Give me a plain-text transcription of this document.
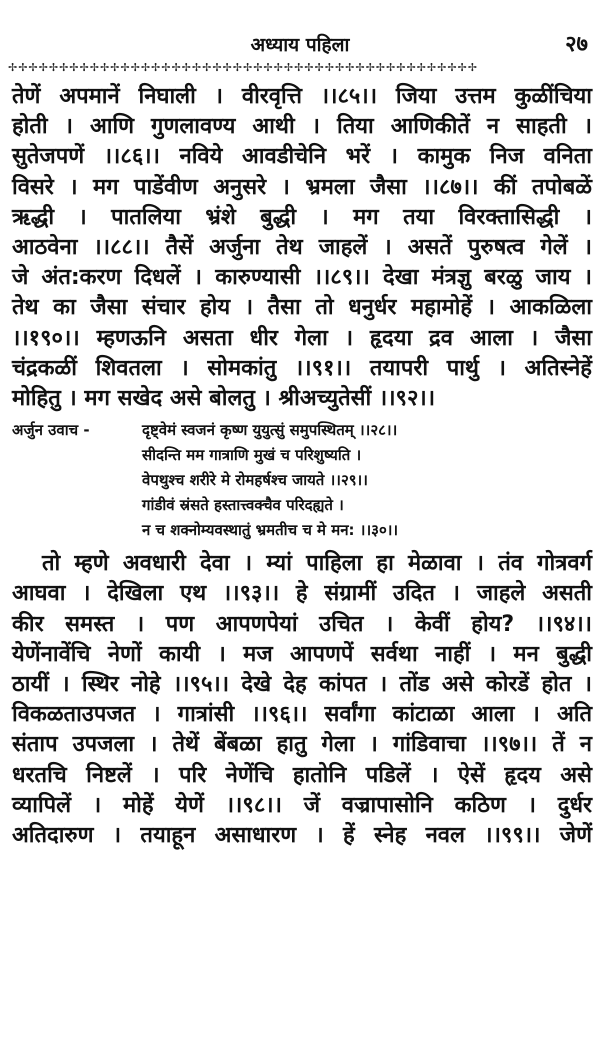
अध्याय पहिला	२७
✢✢✢✢✢✢✢✢✢✢✢✢✢✢✢✢✢✢✢✢✢✢✢✢✢✢✢✢✢✢✢✢✢✢✢✢✢✢✢✢✢✢✢✢✢✢
तेणें अपमानें निघाली । वीरवृत्ति ।।८५।। जिया उत्तम कुळींचिया
होती । आणि गुणलावण्य आथी । तिया आणिकीतें न साहती ।
सुतेजपणें ।।८६।। नविये आवडीचेनि भरें । कामुक निज वनिता
विसरे । मग पाडेंवीण अनुसरे । भ्रमला जैसा ।।८७।। कीं तपोबळें
ऋद्धी । पातलिया भ्रंशे बुद्धी । मग तया विरक्तासिद्धी ।
आठवेना ।।८८।। तैसें अर्जुना तेथ जाहलें । असतें पुरुषत्व गेलें ।
जे अंत:करण दिधलें । कारुण्यासी ।।८९।। देखा मंत्रज्ञु बरळु जाय ।
तेथ का जैसा संचार होय । तैसा तो धनुर्धर महामोहें । आकळिला
।।१९०।। म्हणऊनि असता धीर गेला । हृदया द्रव आला । जैसा
चंद्रकळीं शिवतला । सोमकांतु ।।९१।। तयापरी पार्थु । अतिस्नेहें
मोहितु । मग सखेद असे बोलतु । श्रीअच्युतेसीं ।।९२।।
अर्जुन उवाच -	दृष्ट्वेमं स्वजनं कृष्ण युयुत्सुं समुपस्थितम् ।।२८।।
सीदन्ति मम गात्राणि मुखं च परिशुष्यति ।
वेपथुश्च शरीरे मे रोमहर्षश्च जायते ।।२९।।
गांडीवं स्रंसते हस्तात्त्वक्चैव परिदह्यते ।
न च शक्नोम्यवस्थातुं भ्रमतीच च मे मन: ।।३०।।
तो म्हणे अवधारी देवा । म्यां पाहिला हा मेळावा । तंव गोत्रवर्ग
आघवा । देखिला एथ ।।९३।। हे संग्रामीं उदित । जाहले असती
कीर समस्त । पण आपणपेयां उचित । केवीं होय? ।।९४।।
येणेंनावेंचि नेणों कायी । मज आपणपें सर्वथा नाहीं । मन बुद्धी
ठायीं । स्थिर नोहे ।।९५।। देखे देह कांपत । तोंड असे कोरडें होत ।
विकळताउपजत । गात्रांसी ।।९६।। सर्वांगा कांटाळा आला । अति
संताप उपजला । तेथें बेंबळा हातु गेला । गांडिवाचा ।।९७।। तें न
धरतचि निष्टलें । परि नेणेंचि हातोनि पडिलें । ऐसें हृदय असे
व्यापिलें । मोहें येणें ।।९८।। जें वज्रापासोनि कठिण । दुर्धर
अतिदारुण । तयाहून असाधारण । हें स्नेह नवल ।।९९।। जेणें
